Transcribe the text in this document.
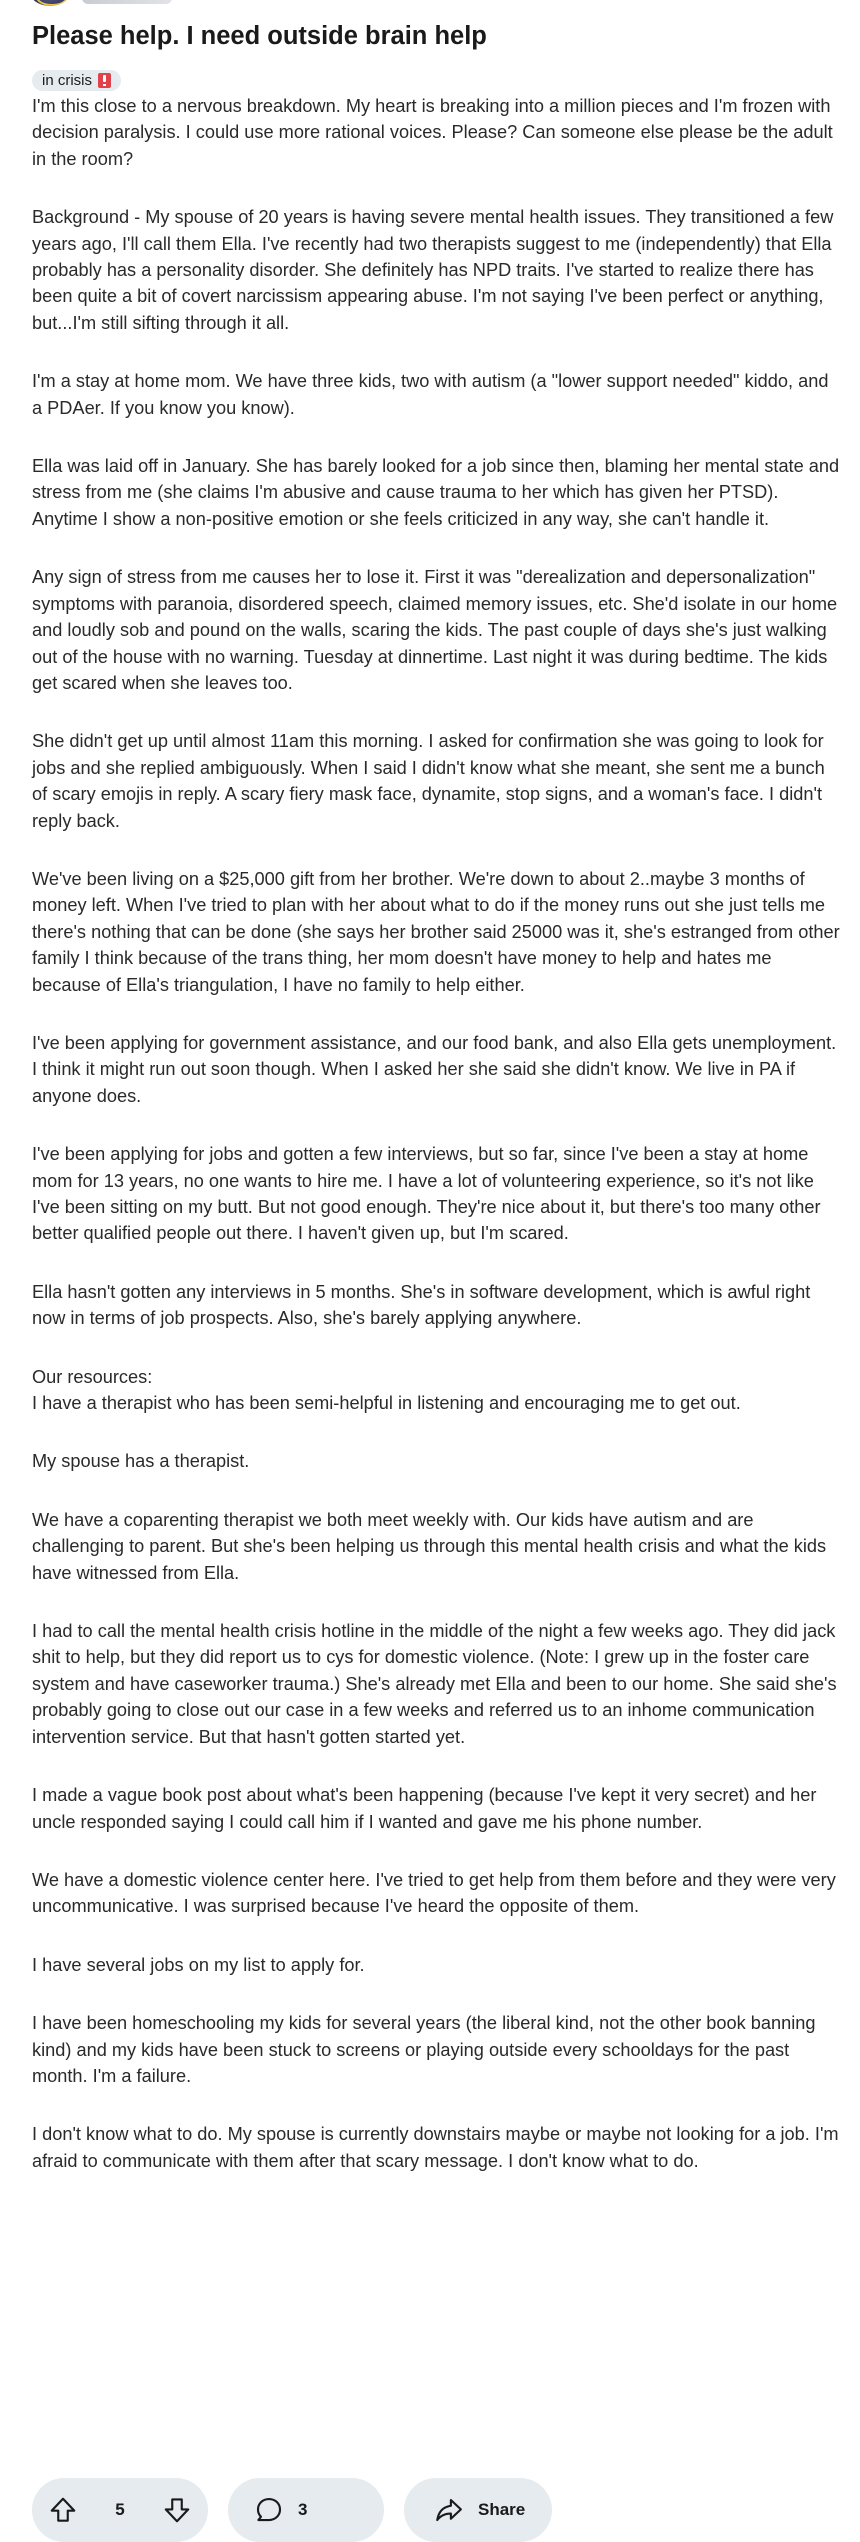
Please help. I need outside brain help
in crisis

I'm this close to a nervous breakdown. My heart is breaking into a million pieces and I'm frozen with decision paralysis. I could use more rational voices. Please? Can someone else please be the adult in the room?

Background - My spouse of 20 years is having severe mental health issues. They transitioned a few years ago, I'll call them Ella. I've recently had two therapists suggest to me (independently) that Ella probably has a personality disorder. She definitely has NPD traits. I've started to realize there has been quite a bit of covert narcissism appearing abuse. I'm not saying I've been perfect or anything, but...I'm still sifting through it all.

I'm a stay at home mom. We have three kids, two with autism (a "lower support needed" kiddo, and a PDAer. If you know you know).

Ella was laid off in January. She has barely looked for a job since then, blaming her mental state and stress from me (she claims I'm abusive and cause trauma to her which has given her PTSD). Anytime I show a non-positive emotion or she feels criticized in any way, she can't handle it.

Any sign of stress from me causes her to lose it. First it was "derealization and depersonalization" symptoms with paranoia, disordered speech, claimed memory issues, etc. She'd isolate in our home and loudly sob and pound on the walls, scaring the kids. The past couple of days she's just walking out of the house with no warning. Tuesday at dinnertime. Last night it was during bedtime. The kids get scared when she leaves too.

She didn't get up until almost 11am this morning. I asked for confirmation she was going to look for jobs and she replied ambiguously. When I said I didn't know what she meant, she sent me a bunch of scary emojis in reply. A scary fiery mask face, dynamite, stop signs, and a woman's face. I didn't reply back.

We've been living on a $25,000 gift from her brother. We're down to about 2..maybe 3 months of money left. When I've tried to plan with her about what to do if the money runs out she just tells me there's nothing that can be done (she says her brother said 25000 was it, she's estranged from other family I think because of the trans thing, her mom doesn't have money to help and hates me because of Ella's triangulation, I have no family to help either.

I've been applying for government assistance, and our food bank, and also Ella gets unemployment. I think it might run out soon though. When I asked her she said she didn't know. We live in PA if anyone does.

I've been applying for jobs and gotten a few interviews, but so far, since I've been a stay at home mom for 13 years, no one wants to hire me. I have a lot of volunteering experience, so it's not like I've been sitting on my butt. But not good enough. They're nice about it, but there's too many other better qualified people out there. I haven't given up, but I'm scared.

Ella hasn't gotten any interviews in 5 months. She's in software development, which is awful right now in terms of job prospects. Also, she's barely applying anywhere.

Our resources:

I have a therapist who has been semi-helpful in listening and encouraging me to get out.

My spouse has a therapist.

We have a coparenting therapist we both meet weekly with. Our kids have autism and are challenging to parent. But she's been helping us through this mental health crisis and what the kids have witnessed from Ella.

I had to call the mental health crisis hotline in the middle of the night a few weeks ago. They did jack shit to help, but they did report us to cys for domestic violence. (Note: I grew up in the foster care system and have caseworker trauma.) She's already met Ella and been to our home. She said she's probably going to close out our case in a few weeks and referred us to an inhome communication intervention service. But that hasn't gotten started yet.

I made a vague book post about what's been happening (because I've kept it very secret) and her uncle responded saying I could call him if I wanted and gave me his phone number.

We have a domestic violence center here. I've tried to get help from them before and they were very uncommunicative. I was surprised because I've heard the opposite of them.

I have several jobs on my list to apply for.

I have been homeschooling my kids for several years (the liberal kind, not the other book banning kind) and my kids have been stuck to screens or playing outside every schooldays for the past month. I'm a failure.

I don't know what to do. My spouse is currently downstairs maybe or maybe not looking for a job. I'm afraid to communicate with them after that scary message. I don't know what to do.

5	3	Share
